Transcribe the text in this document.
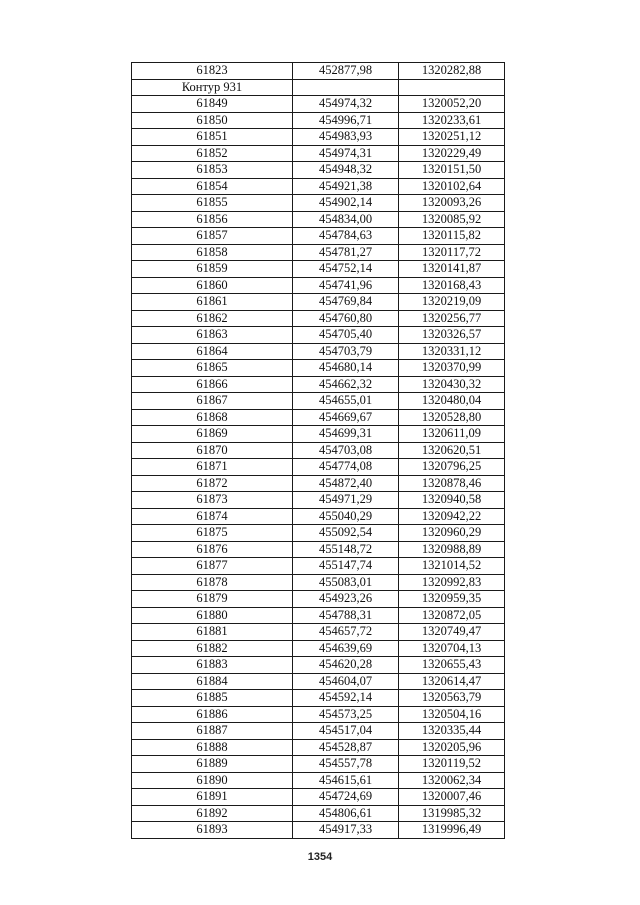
61823	452877,98	1320282,88
Контур 931		
61849	454974,32	1320052,20
61850	454996,71	1320233,61
61851	454983,93	1320251,12
61852	454974,31	1320229,49
61853	454948,32	1320151,50
61854	454921,38	1320102,64
61855	454902,14	1320093,26
61856	454834,00	1320085,92
61857	454784,63	1320115,82
61858	454781,27	1320117,72
61859	454752,14	1320141,87
61860	454741,96	1320168,43
61861	454769,84	1320219,09
61862	454760,80	1320256,77
61863	454705,40	1320326,57
61864	454703,79	1320331,12
61865	454680,14	1320370,99
61866	454662,32	1320430,32
61867	454655,01	1320480,04
61868	454669,67	1320528,80
61869	454699,31	1320611,09
61870	454703,08	1320620,51
61871	454774,08	1320796,25
61872	454872,40	1320878,46
61873	454971,29	1320940,58
61874	455040,29	1320942,22
61875	455092,54	1320960,29
61876	455148,72	1320988,89
61877	455147,74	1321014,52
61878	455083,01	1320992,83
61879	454923,26	1320959,35
61880	454788,31	1320872,05
61881	454657,72	1320749,47
61882	454639,69	1320704,13
61883	454620,28	1320655,43
61884	454604,07	1320614,47
61885	454592,14	1320563,79
61886	454573,25	1320504,16
61887	454517,04	1320335,44
61888	454528,87	1320205,96
61889	454557,78	1320119,52
61890	454615,61	1320062,34
61891	454724,69	1320007,46
61892	454806,61	1319985,32
61893	454917,33	1319996,49
1354
